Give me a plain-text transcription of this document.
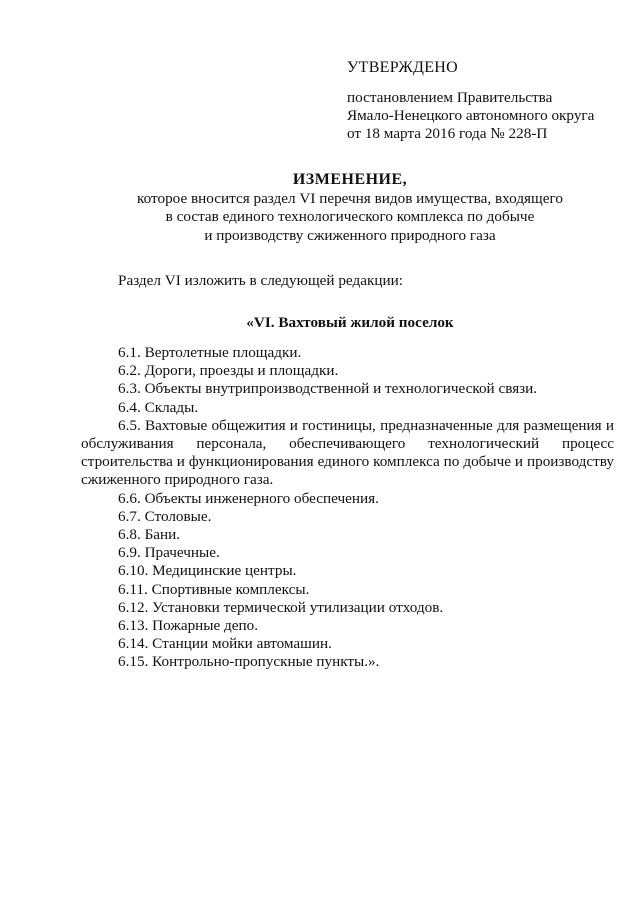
УТВЕРЖДЕНО
постановлением Правительства
Ямало-Ненецкого автономного округа
от 18 марта 2016 года № 228-П
ИЗМЕНЕНИЕ,
которое вносится раздел VI перечня видов имущества, входящего
в состав единого технологического комплекса по добыче
и производству сжиженного природного газа
Раздел VI изложить в следующей редакции:
«VI. Вахтовый жилой поселок
6.1. Вертолетные площадки.
6.2. Дороги, проезды и площадки.
6.3. Объекты внутрипроизводственной и технологической связи.
6.4. Склады.
6.5. Вахтовые общежития и гостиницы, предназначенные для размещения и
обслуживания персонала, обеспечивающего технологический процесс
строительства и функционирования единого комплекса по добыче и производству
сжиженного природного газа.
6.6. Объекты инженерного обеспечения.
6.7. Столовые.
6.8. Бани.
6.9. Прачечные.
6.10. Медицинские центры.
6.11. Спортивные комплексы.
6.12. Установки термической утилизации отходов.
6.13. Пожарные депо.
6.14. Станции мойки автомашин.
6.15. Контрольно-пропускные пункты.».
